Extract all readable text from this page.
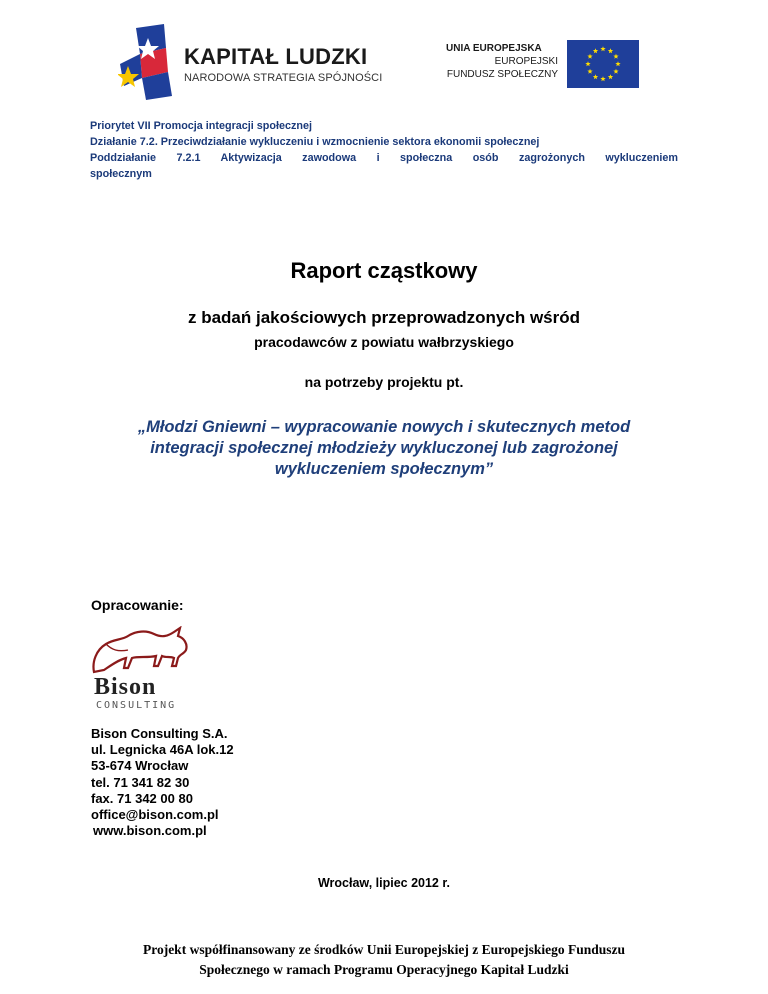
KAPITAŁ LUDZKI
NARODOWA STRATEGIA SPÓJNOŚCI
UNIA EUROPEJSKA
EUROPEJSKI
FUNDUSZ SPOŁECZNY
Priorytet VII Promocja integracji społecznej
Działanie 7.2. Przeciwdziałanie wykluczeniu i wzmocnienie sektora ekonomii społecznej
Poddziałanie 7.2.1 Aktywizacja zawodowa i społeczna osób zagrożonych wykluczeniem
społecznym
Raport cząstkowy
z badań jakościowych przeprowadzonych wśród
pracodawców z powiatu wałbrzyskiego
na potrzeby projektu pt.
„Młodzi Gniewni – wypracowanie nowych i skutecznych metod
integracji społecznej młodzieży wykluczonej lub zagrożonej
wykluczeniem społecznym”
Opracowanie:
Bison
CONSULTING
Bison Consulting S.A.
ul. Legnicka 46A lok.12
53-674 Wrocław
tel. 71 341 82 30
fax. 71 342 00 80
office@bison.com.pl
www.bison.com.pl
Wrocław, lipiec 2012 r.
Projekt współfinansowany ze środków Unii Europejskiej z Europejskiego Funduszu
Społecznego w ramach Programu Operacyjnego Kapitał Ludzki
